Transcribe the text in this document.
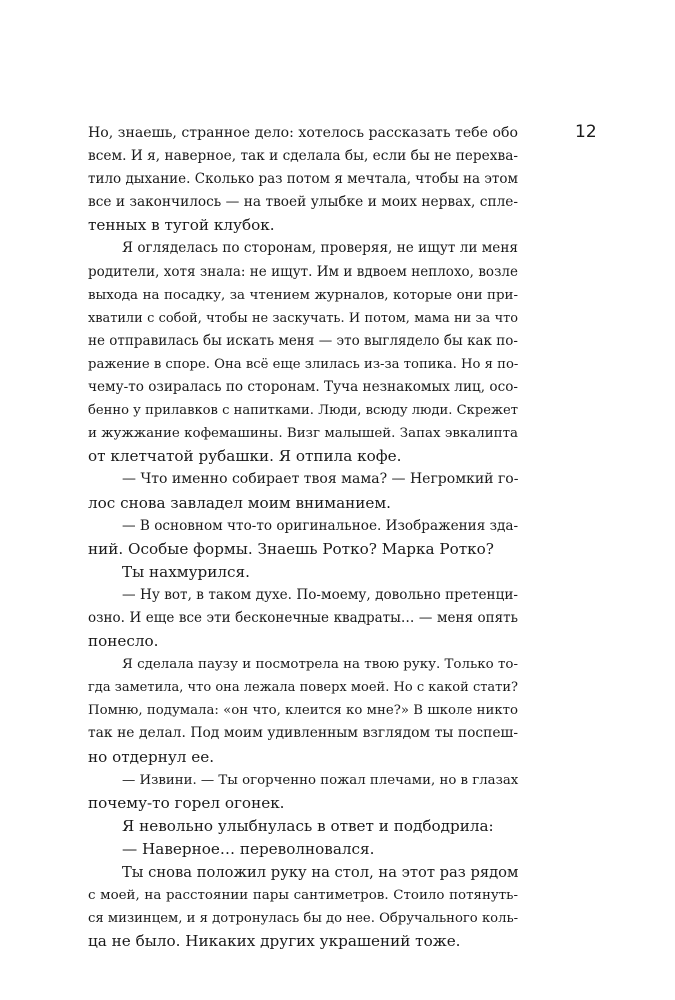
12
Но, знаешь, странное дело: хотелось рассказать тебе обо
всем. И я, наверное, так и сделала бы, если бы не перехва-
тило дыхание. Сколько раз потом я мечтала, чтобы на этом
все и закончилось — на твоей улыбке и моих нервах, спле-
тенных в тугой клубок.
Я огляделась по сторонам, проверяя, не ищут ли меня
родители, хотя знала: не ищут. Им и вдвоем неплохо, возле
выхода на посадку, за чтением журналов, которые они при-
хватили с собой, чтобы не заскучать. И потом, мама ни за что
не отправилась бы искать меня — это выглядело бы как по-
ражение в споре. Она всё еще злилась из-за топика. Но я по-
чему-то озиралась по сторонам. Туча незнакомых лиц, осо-
бенно у прилавков с напитками. Люди, всюду люди. Скрежет
и жужжание кофемашины. Визг малышей. Запах эвкалипта
от клетчатой рубашки. Я отпила кофе.
— Что именно собирает твоя мама? — Негромкий го-
лос снова завладел моим вниманием.
— В основном что-то оригинальное. Изображения зда-
ний. Особые формы. Знаешь Ротко? Марка Ротко?
Ты нахмурился.
— Ну вот, в таком духе. По-моему, довольно претенци-
озно. И еще все эти бесконечные квадраты… — меня опять
понесло.
Я сделала паузу и посмотрела на твою руку. Только то-
гда заметила, что она лежала поверх моей. Но с какой стати?
Помню, подумала: «он что, клеится ко мне?» В школе никто
так не делал. Под моим удивленным взглядом ты поспеш-
но отдернул ее.
— Извини. — Ты огорченно пожал плечами, но в глазах
почему-то горел огонек.
Я невольно улыбнулась в ответ и подбодрила:
— Наверное… переволновался.
Ты снова положил руку на стол, на этот раз рядом
с моей, на расстоянии пары сантиметров. Стоило потянуть-
ся мизинцем, и я дотронулась бы до нее. Обручального коль-
ца не было. Никаких других украшений тоже.
